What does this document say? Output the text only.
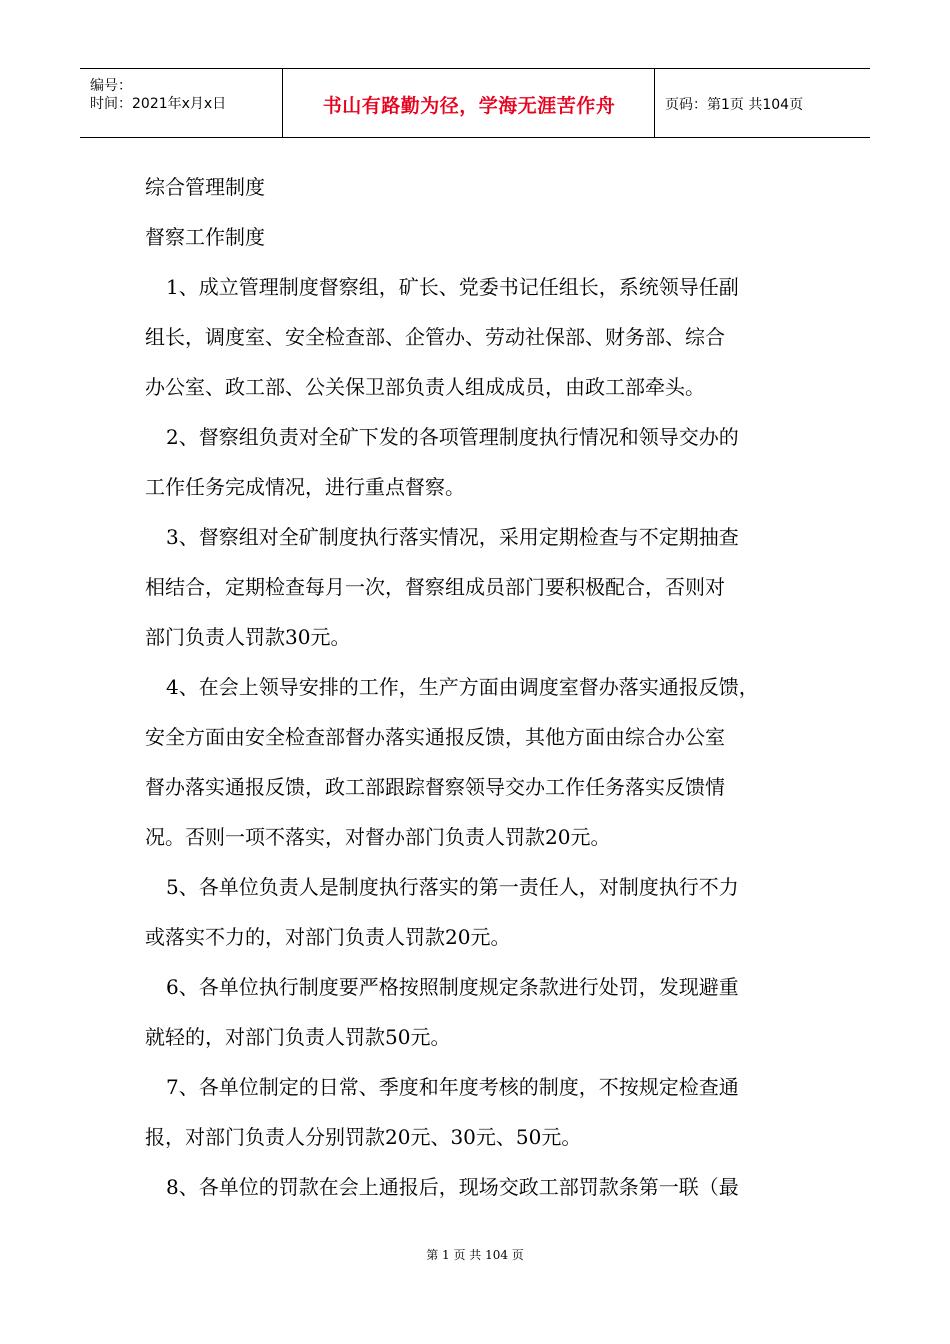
编号：
时间：2021年x月x日	书山有路勤为径，学海无涯苦作舟	页码：第1页 共104页

综合管理制度

督察工作制度

1、成立管理制度督察组，矿长、党委书记任组长，系统领导任副

组长，调度室、安全检查部、企管办、劳动社保部、财务部、综合

办公室、政工部、公关保卫部负责人组成成员，由政工部牵头。

2、督察组负责对全矿下发的各项管理制度执行情况和领导交办的

工作任务完成情况，进行重点督察。

3、督察组对全矿制度执行落实情况，采用定期检查与不定期抽查

相结合，定期检查每月一次，督察组成员部门要积极配合，否则对

部门负责人罚款30元。

4、在会上领导安排的工作，生产方面由调度室督办落实通报反馈，

安全方面由安全检查部督办落实通报反馈，其他方面由综合办公室

督办落实通报反馈，政工部跟踪督察领导交办工作任务落实反馈情

况。否则一项不落实，对督办部门负责人罚款20元。

5、各单位负责人是制度执行落实的第一责任人，对制度执行不力

或落实不力的，对部门负责人罚款20元。

6、各单位执行制度要严格按照制度规定条款进行处罚，发现避重

就轻的，对部门负责人罚款50元。

7、各单位制定的日常、季度和年度考核的制度，不按规定检查通

报，对部门负责人分别罚款20元、30元、50元。

8、各单位的罚款在会上通报后，现场交政工部罚款条第一联（最

第 1 页 共 104 页
